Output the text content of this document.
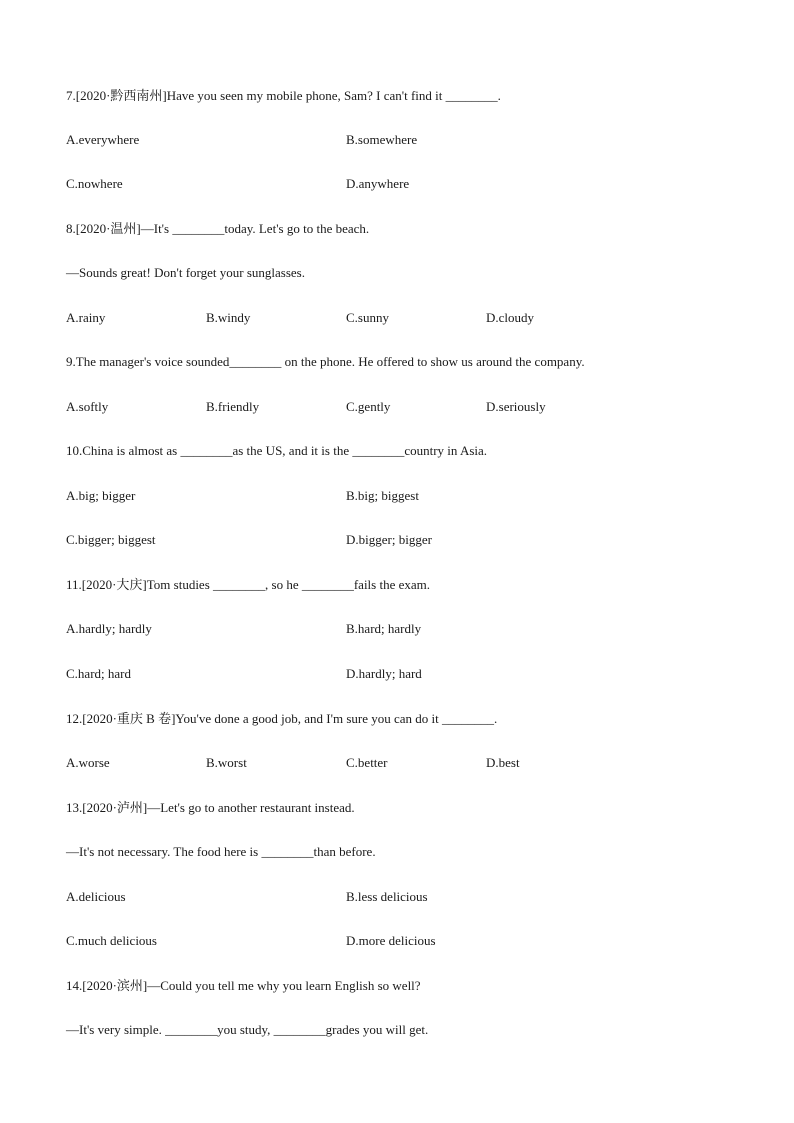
7.[2020·黔西南州]Have you seen my mobile phone, Sam? I can't find it ________.
A.everywhere	B.somewhere
C.nowhere	D.anywhere
8.[2020·温州]—It's ________today. Let's go to the beach.
—Sounds great! Don't forget your sunglasses.
A.rainy	B.windy	C.sunny	D.cloudy
9.The manager's voice sounded________ on the phone. He offered to show us around the company.
A.softly	B.friendly	C.gently	D.seriously
10.China is almost as ________as the US, and it is the ________country in Asia.
A.big; bigger	B.big; biggest
C.bigger; biggest	D.bigger; bigger
11.[2020·大庆]Tom studies ________, so he ________fails the exam.
A.hardly; hardly	B.hard; hardly
C.hard; hard	D.hardly; hard
12.[2020·重庆 B 卷]You've done a good job, and I'm sure you can do it ________.
A.worse	B.worst	C.better	D.best
13.[2020·泸州]—Let's go to another restaurant instead.
—It's not necessary. The food here is ________than before.
A.delicious	B.less delicious
C.much delicious	D.more delicious
14.[2020·滨州]—Could you tell me why you learn English so well?
—It's very simple. ________you study, ________grades you will get.
